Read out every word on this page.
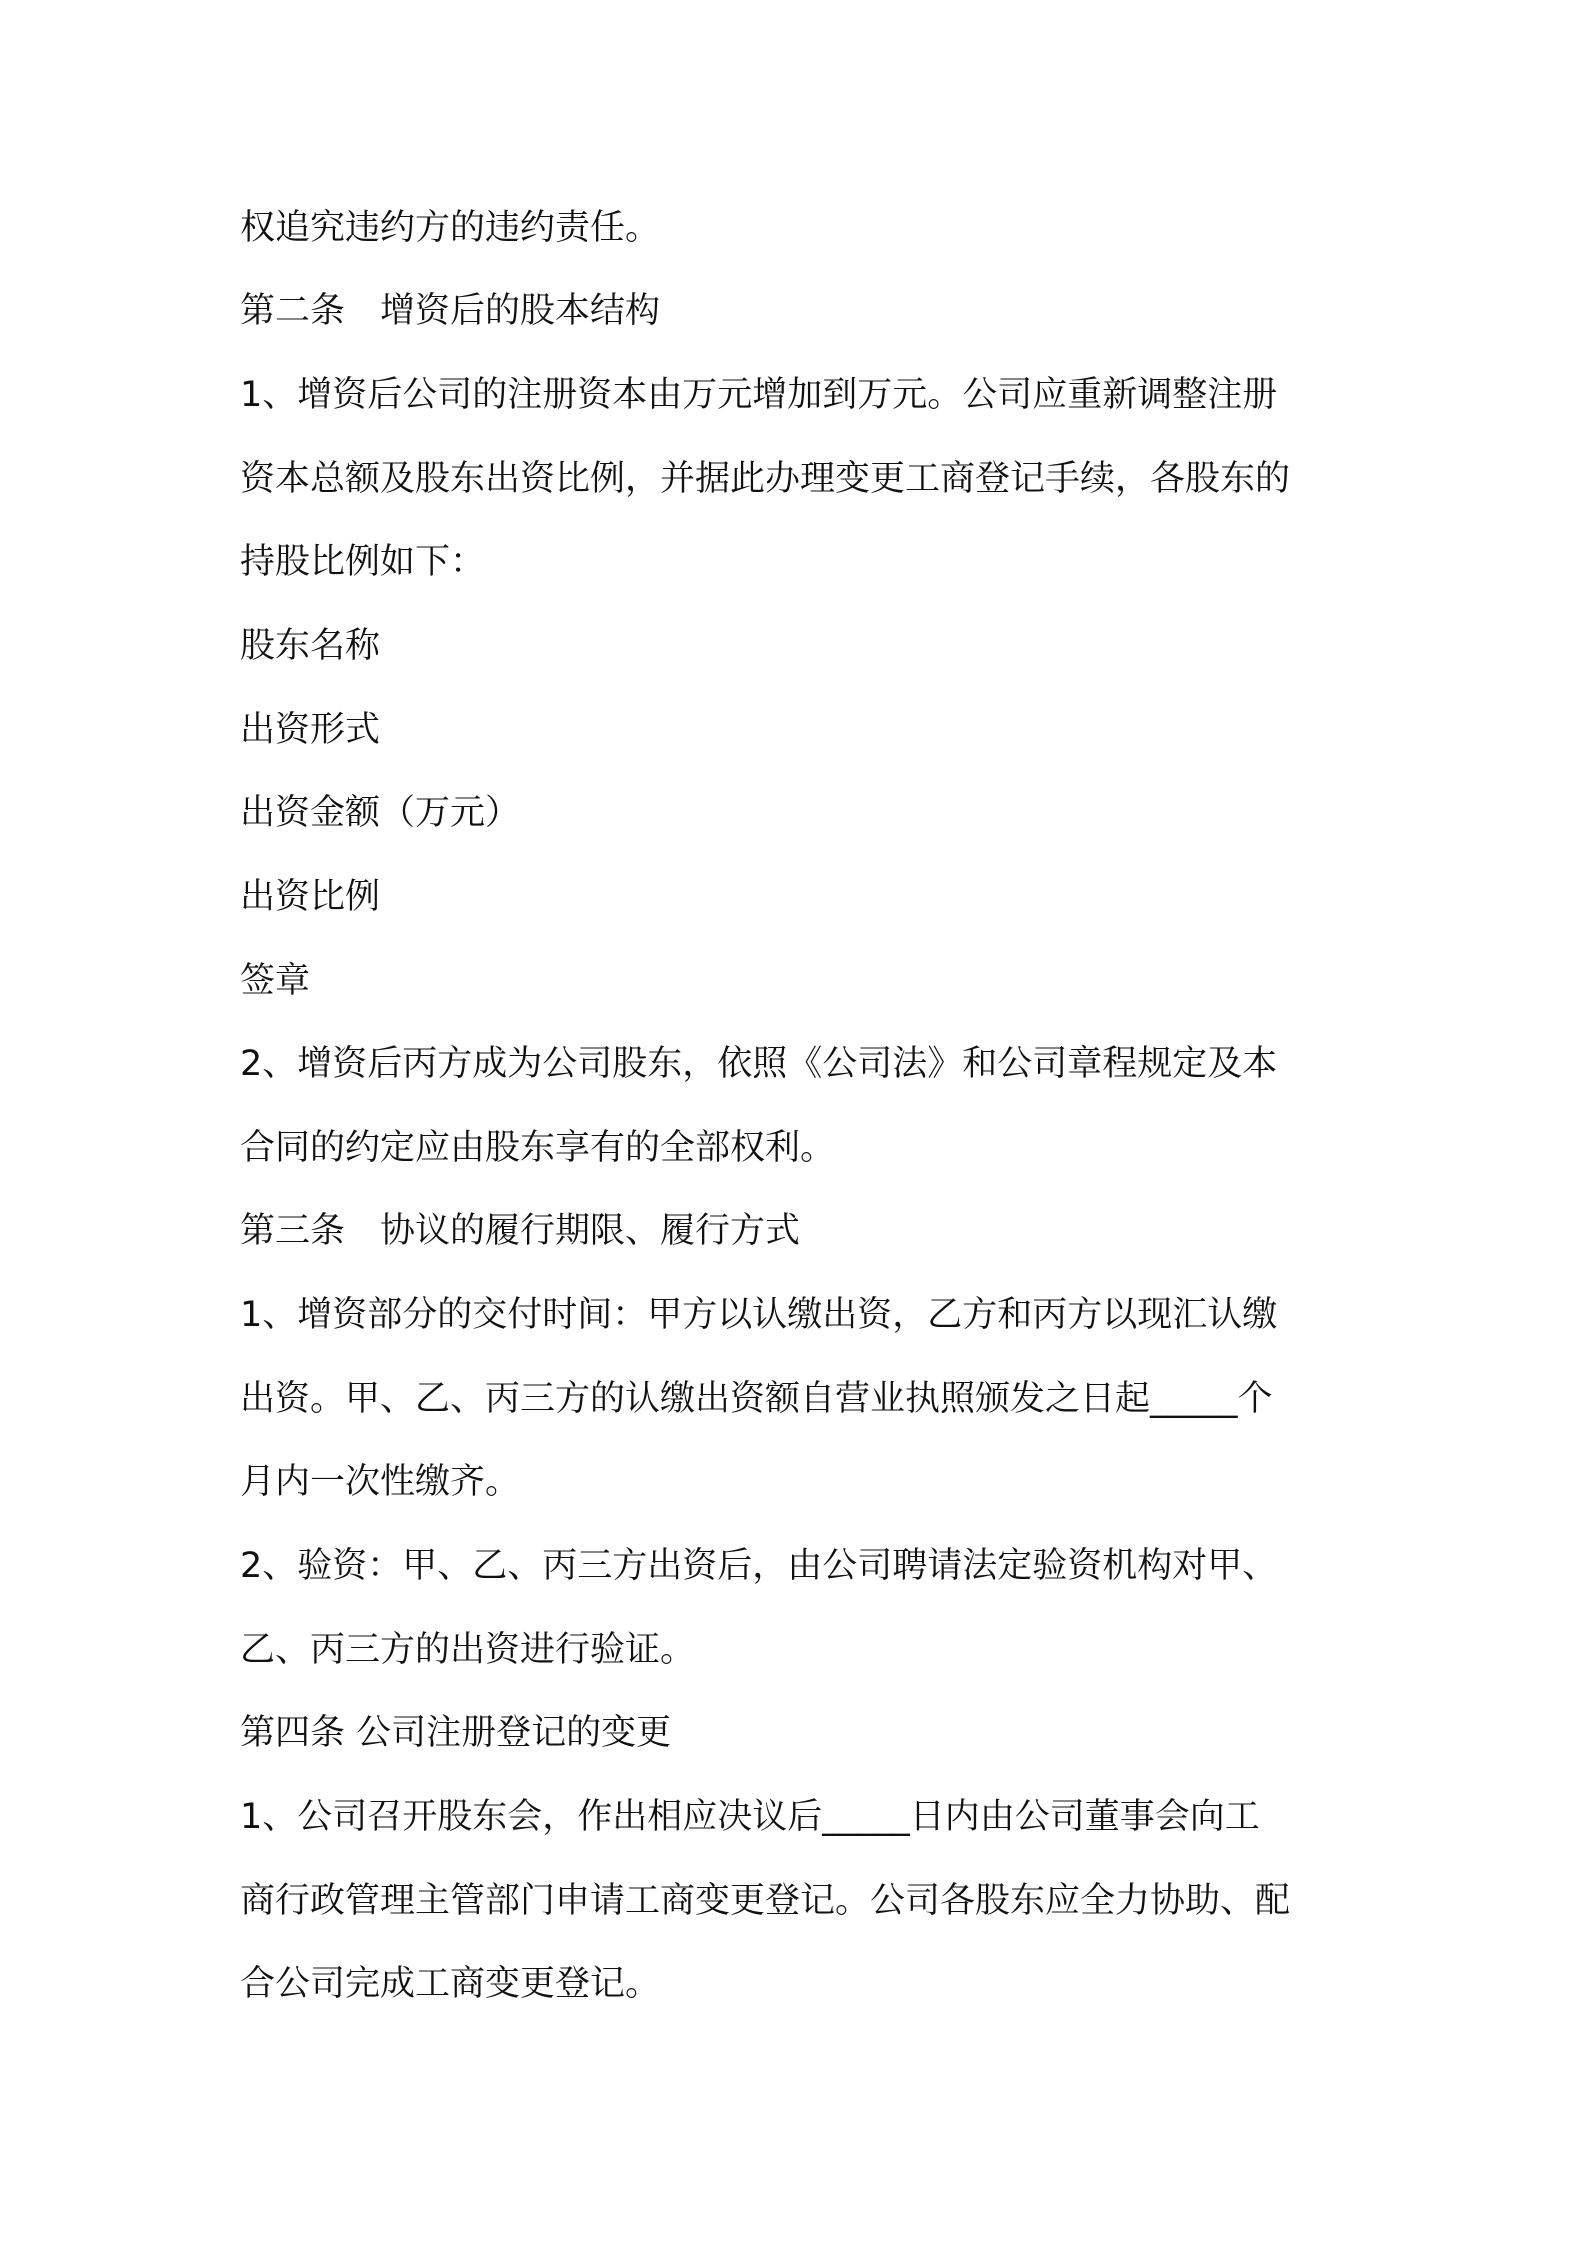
权追究违约方的违约责任。
第二条　增资后的股本结构
1、增资后公司的注册资本由万元增加到万元。公司应重新调整注册
资本总额及股东出资比例，并据此办理变更工商登记手续，各股东的
持股比例如下：
股东名称
出资形式
出资金额（万元）
出资比例
签章
2、增资后丙方成为公司股东，依照《公司法》和公司章程规定及本
合同的约定应由股东享有的全部权利。
第三条　协议的履行期限、履行方式
1、增资部分的交付时间：甲方以认缴出资，乙方和丙方以现汇认缴
出资。甲、乙、丙三方的认缴出资额自营业执照颁发之日起_____个
月内一次性缴齐。
2、验资：甲、乙、丙三方出资后，由公司聘请法定验资机构对甲、
乙、丙三方的出资进行验证。
第四条 公司注册登记的变更
1、公司召开股东会，作出相应决议后_____日内由公司董事会向工
商行政管理主管部门申请工商变更登记。公司各股东应全力协助、配
合公司完成工商变更登记。
